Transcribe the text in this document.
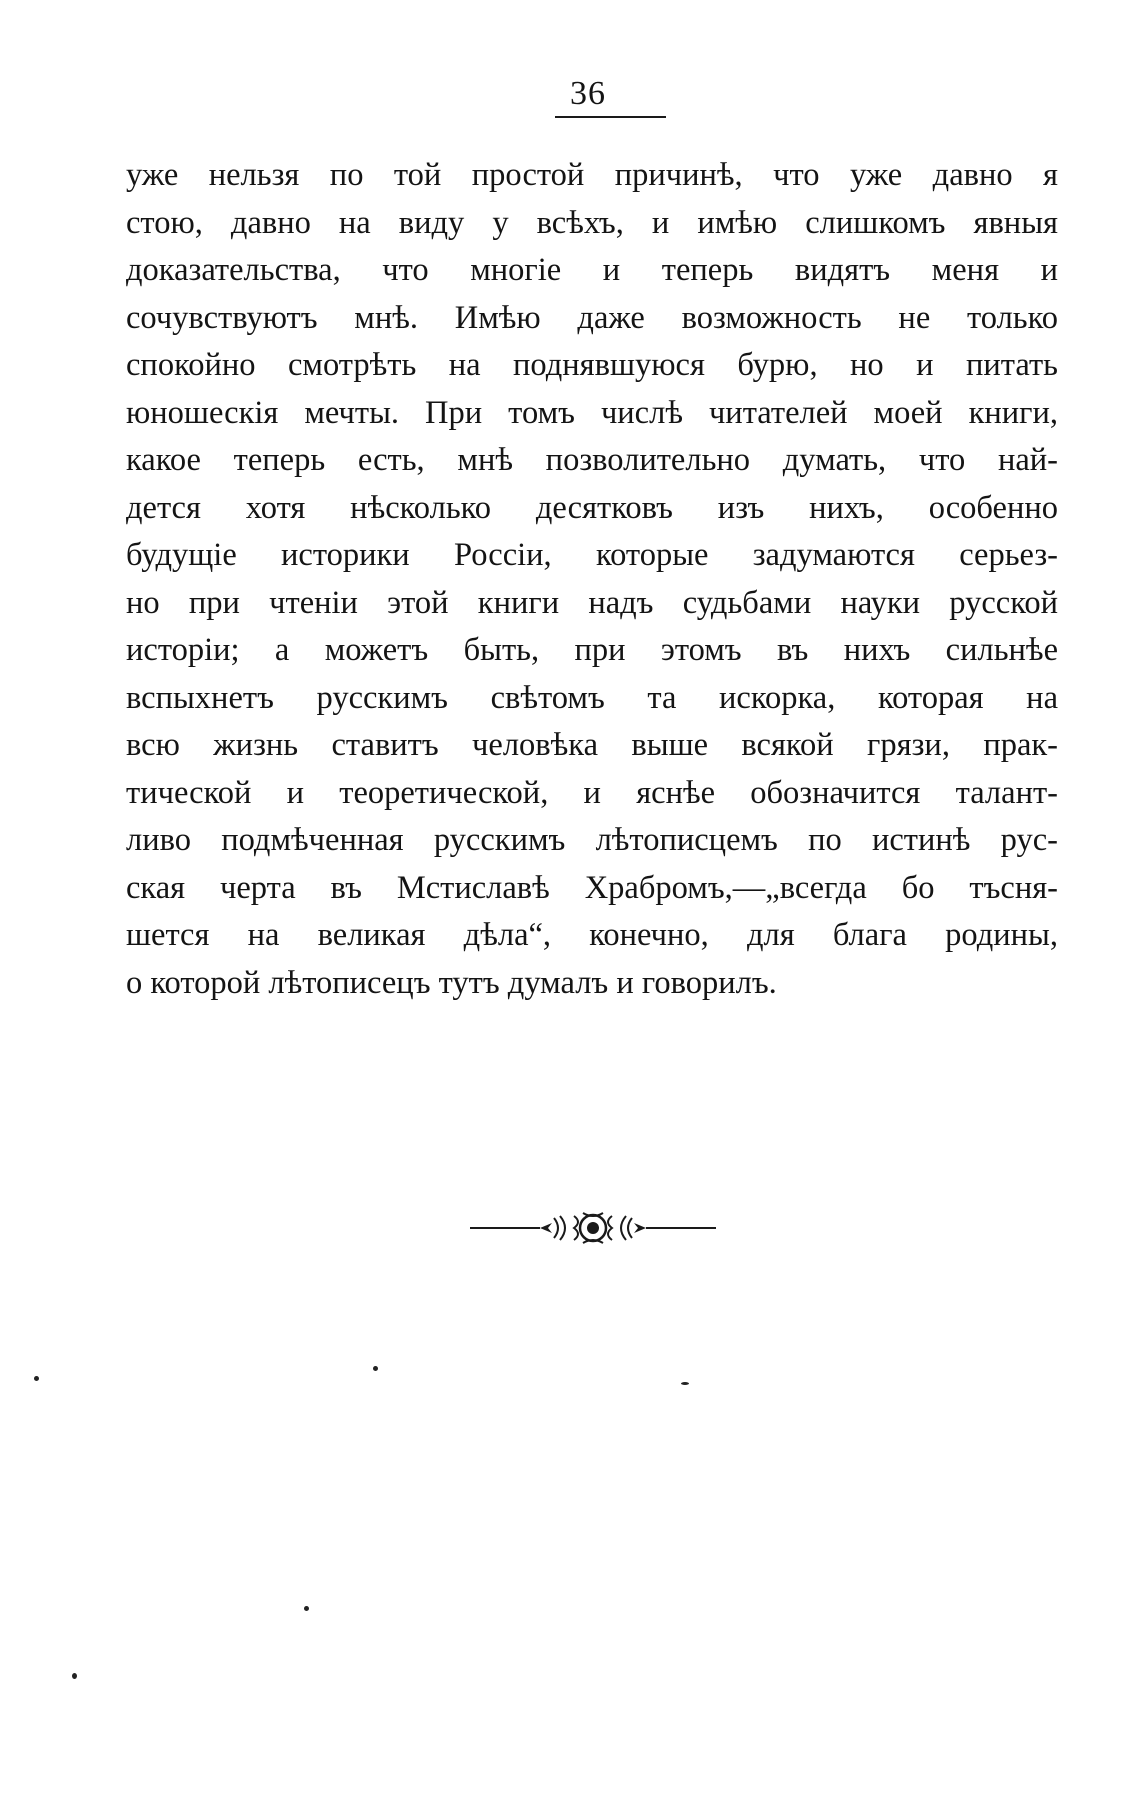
36
уже нельзя по той простой причинѣ, что уже давно я
стою, давно на виду у всѣхъ, и имѣю слишкомъ явныя
доказательства, что многіе и теперь видятъ меня и
сочувствуютъ мнѣ. Имѣю даже возможность не только
спокойно смотрѣть на поднявшуюся бурю, но и питать
юношескія мечты. При томъ числѣ читателей моей книги,
какое теперь есть, мнѣ позволительно думать, что най-
дется хотя нѣсколько десятковъ изъ нихъ, особенно
будущіе историки Россіи, которые задумаются серьез-
но при чтеніи этой книги надъ судьбами науки русской
исторіи; а можетъ быть, при этомъ въ нихъ сильнѣе
вспыхнетъ русскимъ свѣтомъ та искорка, которая на
всю жизнь ставитъ человѣка выше всякой грязи, прак-
тической и теоретической, и яснѣе обозначится талант-
ливо подмѣченная русскимъ лѣтописцемъ по истинѣ рус-
ская черта въ Мстиславѣ Храбромъ,—„всегда бо тъсня-
шется на великая дѣла“, конечно, для блага родины,
о которой лѣтописецъ тутъ думалъ и говорилъ.
